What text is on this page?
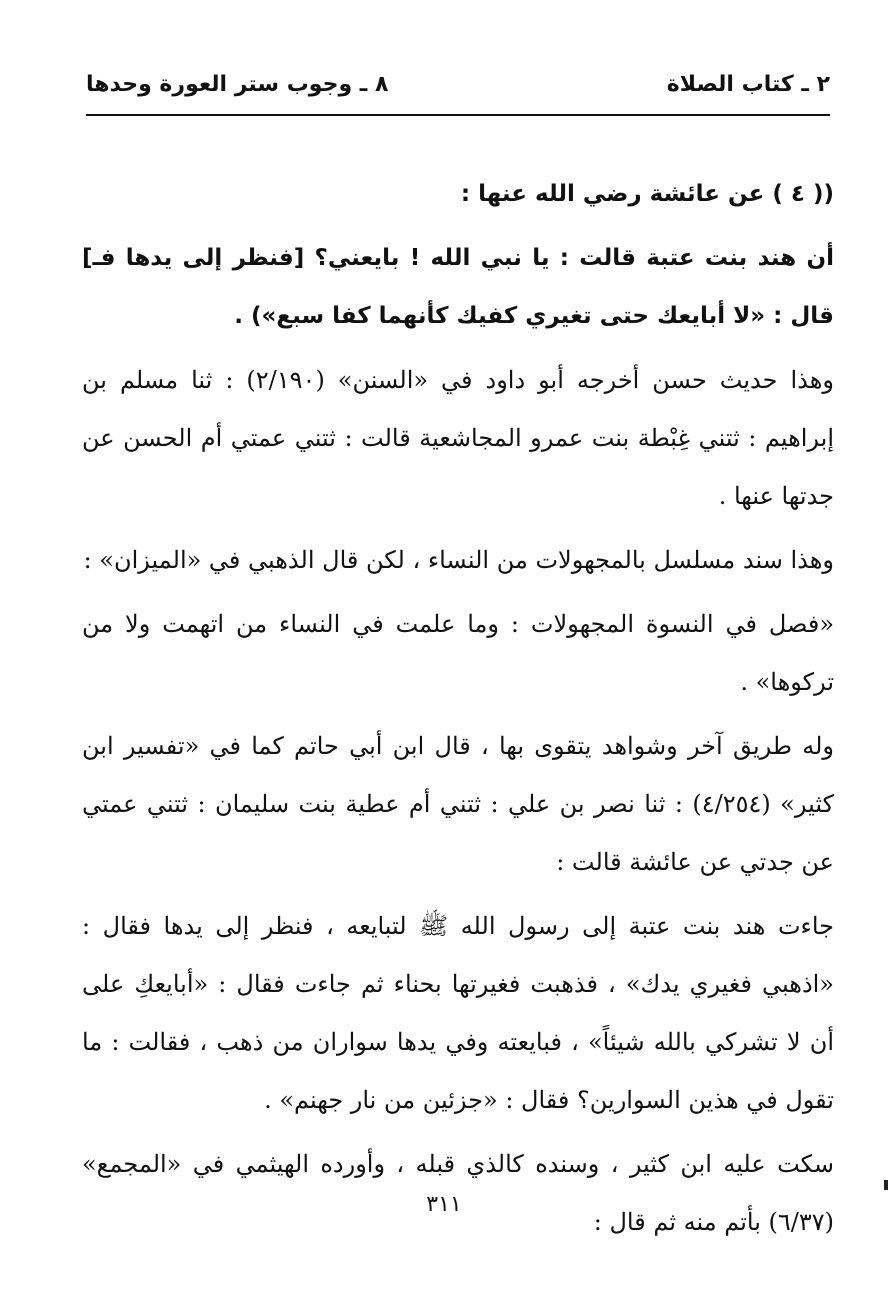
٢ ـ كتاب الصلاة
٨ ـ وجوب ستر العورة وحدها

(( ٤ ) عن عائشة رضي الله عنها :

أن هند بنت عتبة قالت : يا نبي الله ! بايعني؟ [فنظر إلى يدها فـ] قال : «لا أبايعك حتى تغيري كفيك كأنهما كفا سبع») .

وهذا حديث حسن أخرجه أبو داود في «السنن» (٢/١٩٠) : ثنا مسلم بن إبراهيم : ثتني غِبْطة بنت عمرو المجاشعية قالت : ثتني عمتي أم الحسن عن جدتها عنها .

وهذا سند مسلسل بالمجهولات من النساء ، لكن قال الذهبي في «الميزان» :

«فصل في النسوة المجهولات : وما علمت في النساء من اتهمت ولا من تركوها» .

وله طريق آخر وشواهد يتقوى بها ، قال ابن أبي حاتم كما في «تفسير ابن كثير» (٤/٢٥٤) : ثنا نصر بن علي : ثتني أم عطية بنت سليمان : ثتني عمتي عن جدتي عن عائشة قالت :

جاءت هند بنت عتبة إلى رسول الله ﷺ لتبايعه ، فنظر إلى يدها فقال : «اذهبي فغيري يدك» ، فذهبت فغيرتها بحناء ثم جاءت فقال : «أبايعكِ على أن لا تشركي بالله شيئاً» ، فبايعته وفي يدها سواران من ذهب ، فقالت : ما تقول في هذين السوارين؟ فقال : «جزئين من نار جهنم» .

سكت عليه ابن كثير ، وسنده كالذي قبله ، وأورده الهيثمي في «المجمع» (٦/٣٧) بأتم منه ثم قال :

٣١١
